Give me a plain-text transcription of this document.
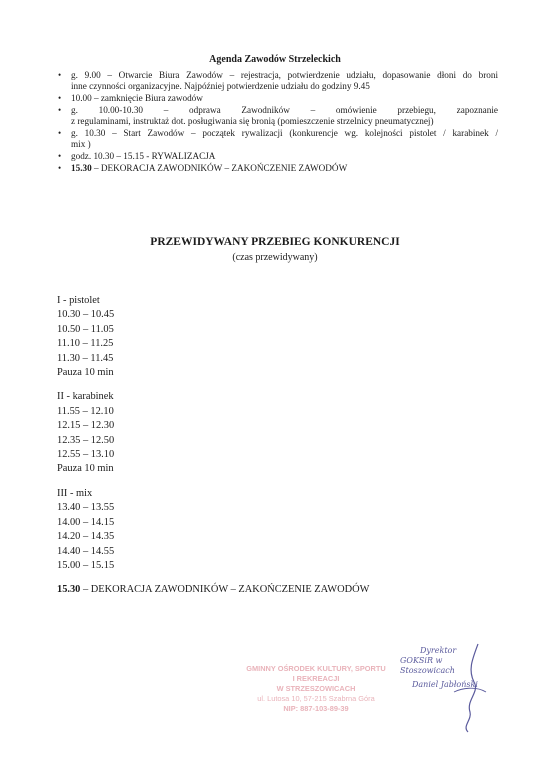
Agenda Zawodów Strzeleckich
• g. 9.00 – Otwarcie Biura Zawodów – rejestracja, potwierdzenie udziału, dopasowanie dłoni do broni
inne czynności organizacyjne. Najpóźniej potwierdzenie udziału do godziny 9.45
• 10.00 – zamknięcie Biura zawodów
• g. 10.00-10.30 – odprawa Zawodników – omówienie przebiegu, zapoznanie
z regulaminami, instruktaż dot. posługiwania się bronią (pomieszczenie strzelnicy pneumatycznej)
• g. 10.30 – Start Zawodów – początek rywalizacji (konkurencje wg. kolejności pistolet / karabinek /
mix )
• godz. 10.30 – 15.15 - RYWALIZACJA
• 15.30 – DEKORACJA ZAWODNIKÓW – ZAKOŃCZENIE ZAWODÓW
PRZEWIDYWANY PRZEBIEG KONKURENCJI
(czas przewidywany)
I - pistolet
10.30 – 10.45
10.50 – 11.05
11.10 – 11.25
11.30 – 11.45
Pauza 10 min
II - karabinek
11.55 – 12.10
12.15 – 12.30
12.35 – 12.50
12.55 – 13.10
Pauza 10 min
III - mix
13.40 – 13.55
14.00 – 14.15
14.20 – 14.35
14.40 – 14.55
15.00 – 15.15
15.30 – DEKORACJA ZAWODNIKÓW – ZAKOŃCZENIE ZAWODÓW
GMINNY OŚRODEK KULTURY, SPORTU
I REKREACJI
W STRZESZOWICACH
ul. Lutosa 10, 57-215 Szabrna Góra
NIP: 887-103-89-39
Dyrektor
GOKSiR w Stoszowicach
Daniel Jabłoński
